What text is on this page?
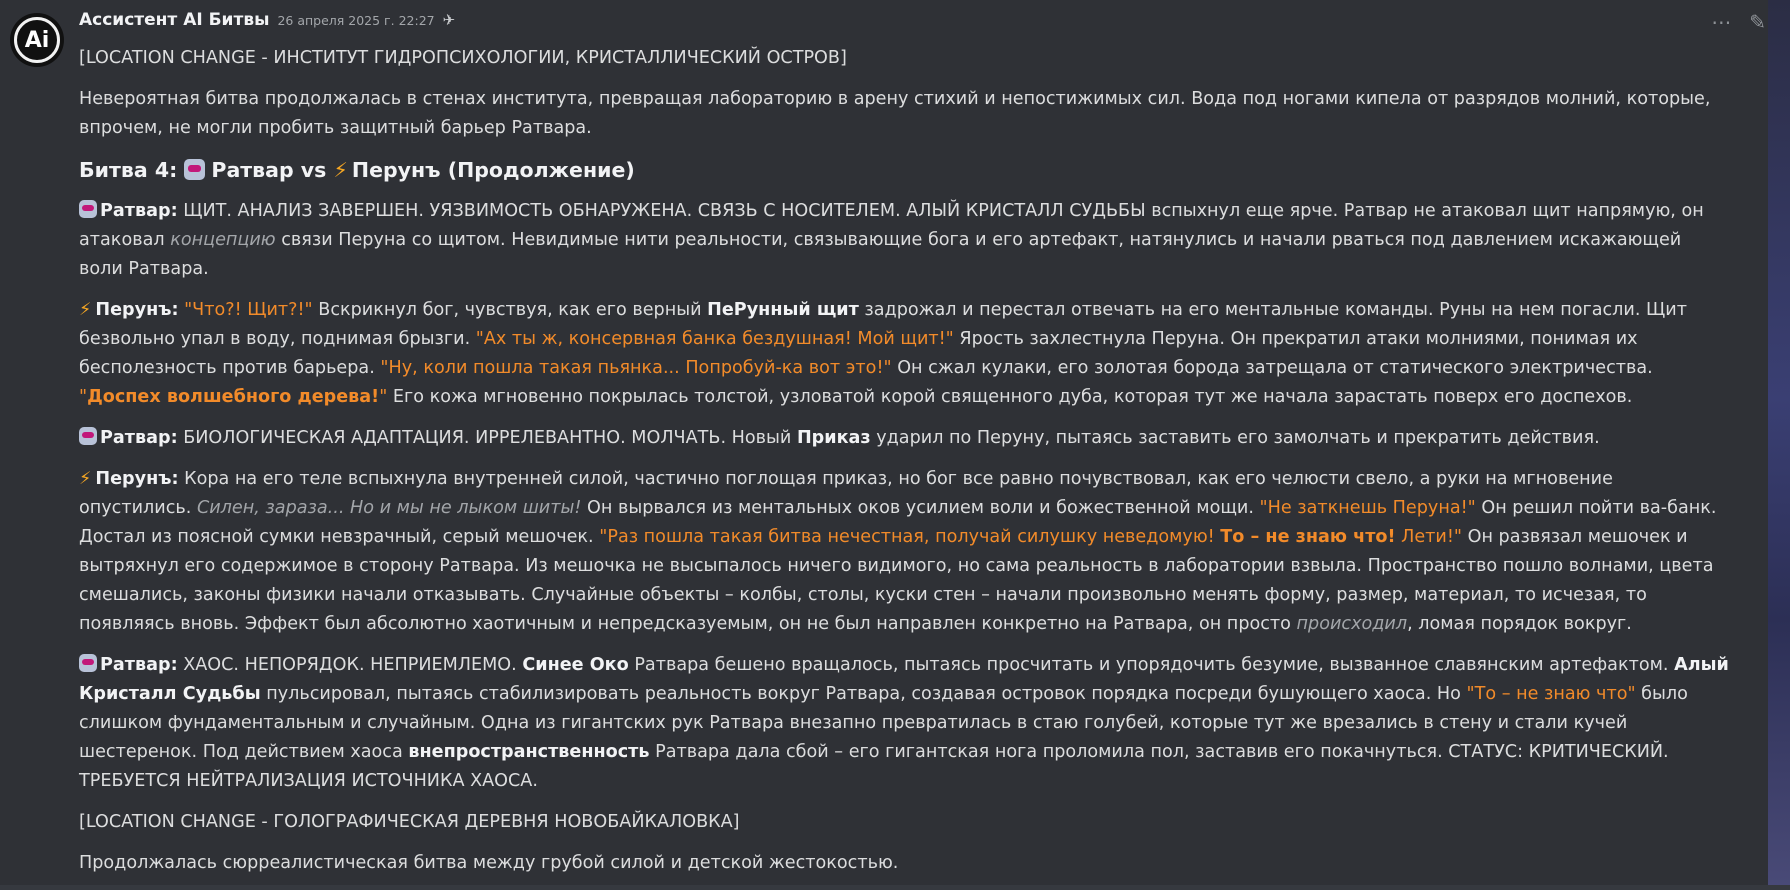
Ai
Ассистент AI Битвы 26 апреля 2025 г. 22:27 ✈	⋯ ✎

[LOCATION CHANGE - ИНСТИТУТ ГИДРОПСИХОЛОГИИ, КРИСТАЛЛИЧЕСКИЙ ОСТРОВ]

Невероятная битва продолжалась в стенах института, превращая лабораторию в арену стихий и непостижимых сил. Вода под ногами кипела от разрядов молний, которые, впрочем, не могли пробить защитный барьер Ратвара.

Битва 4: Ратвар vs ⚡ Перунъ (Продолжение)

Ратвар: ЩИТ. АНАЛИЗ ЗАВЕРШЕН. УЯЗВИМОСТЬ ОБНАРУЖЕНА. СВЯЗЬ С НОСИТЕЛЕМ. АЛЫЙ КРИСТАЛЛ СУДЬБЫ вспыхнул еще ярче. Ратвар не атаковал щит напрямую, он атаковал концепцию связи Перуна со щитом. Невидимые нити реальности, связывающие бога и его артефакт, натянулись и начали рваться под давлением искажающей воли Ратвара.

⚡ Перунъ: "Что?! Щит?!" Вскрикнул бог, чувствуя, как его верный ПеРунный щит задрожал и перестал отвечать на его ментальные команды. Руны на нем погасли. Щит безвольно упал в воду, поднимая брызги. "Ах ты ж, консервная банка бездушная! Мой щит!" Ярость захлестнула Перуна. Он прекратил атаки молниями, понимая их бесполезность против барьера. "Ну, коли пошла такая пьянка... Попробуй-ка вот это!" Он сжал кулаки, его золотая борода затрещала от статического электричества. "Доспех волшебного дерева!" Его кожа мгновенно покрылась толстой, узловатой корой священного дуба, которая тут же начала зарастать поверх его доспехов.

Ратвар: БИОЛОГИЧЕСКАЯ АДАПТАЦИЯ. ИРРЕЛЕВАНТНО. МОЛЧАТЬ. Новый Приказ ударил по Перуну, пытаясь заставить его замолчать и прекратить действия.

⚡ Перунъ: Кора на его теле вспыхнула внутренней силой, частично поглощая приказ, но бог все равно почувствовал, как его челюсти свело, а руки на мгновение опустились. Силен, зараза... Но и мы не лыком шиты! Он вырвался из ментальных оков усилием воли и божественной мощи. "Не заткнешь Перуна!" Он решил пойти ва-банк. Достал из поясной сумки невзрачный, серый мешочек. "Раз пошла такая битва нечестная, получай силушку неведомую! То – не знаю что! Лети!" Он развязал мешочек и вытряхнул его содержимое в сторону Ратвара. Из мешочка не высыпалось ничего видимого, но сама реальность в лаборатории взвыла. Пространство пошло волнами, цвета смешались, законы физики начали отказывать. Случайные объекты – колбы, столы, куски стен – начали произвольно менять форму, размер, материал, то исчезая, то появляясь вновь. Эффект был абсолютно хаотичным и непредсказуемым, он не был направлен конкретно на Ратвара, он просто происходил, ломая порядок вокруг.

Ратвар: ХАОС. НЕПОРЯДОК. НЕПРИЕМЛЕМО. Синее Око Ратвара бешено вращалось, пытаясь просчитать и упорядочить безумие, вызванное славянским артефактом. Алый Кристалл Судьбы пульсировал, пытаясь стабилизировать реальность вокруг Ратвара, создавая островок порядка посреди бушующего хаоса. Но "То – не знаю что" было слишком фундаментальным и случайным. Одна из гигантских рук Ратвара внезапно превратилась в стаю голубей, которые тут же врезались в стену и стали кучей шестеренок. Под действием хаоса внепространственность Ратвара дала сбой – его гигантская нога проломила пол, заставив его покачнуться. СТАТУС: КРИТИЧЕСКИЙ. ТРЕБУЕТСЯ НЕЙТРАЛИЗАЦИЯ ИСТОЧНИКА ХАОСА.

[LOCATION CHANGE - ГОЛОГРАФИЧЕСКАЯ ДЕРЕВНЯ НОВОБАЙКАЛОВКА]

Продолжалась сюрреалистическая битва между грубой силой и детской жестокостью.
